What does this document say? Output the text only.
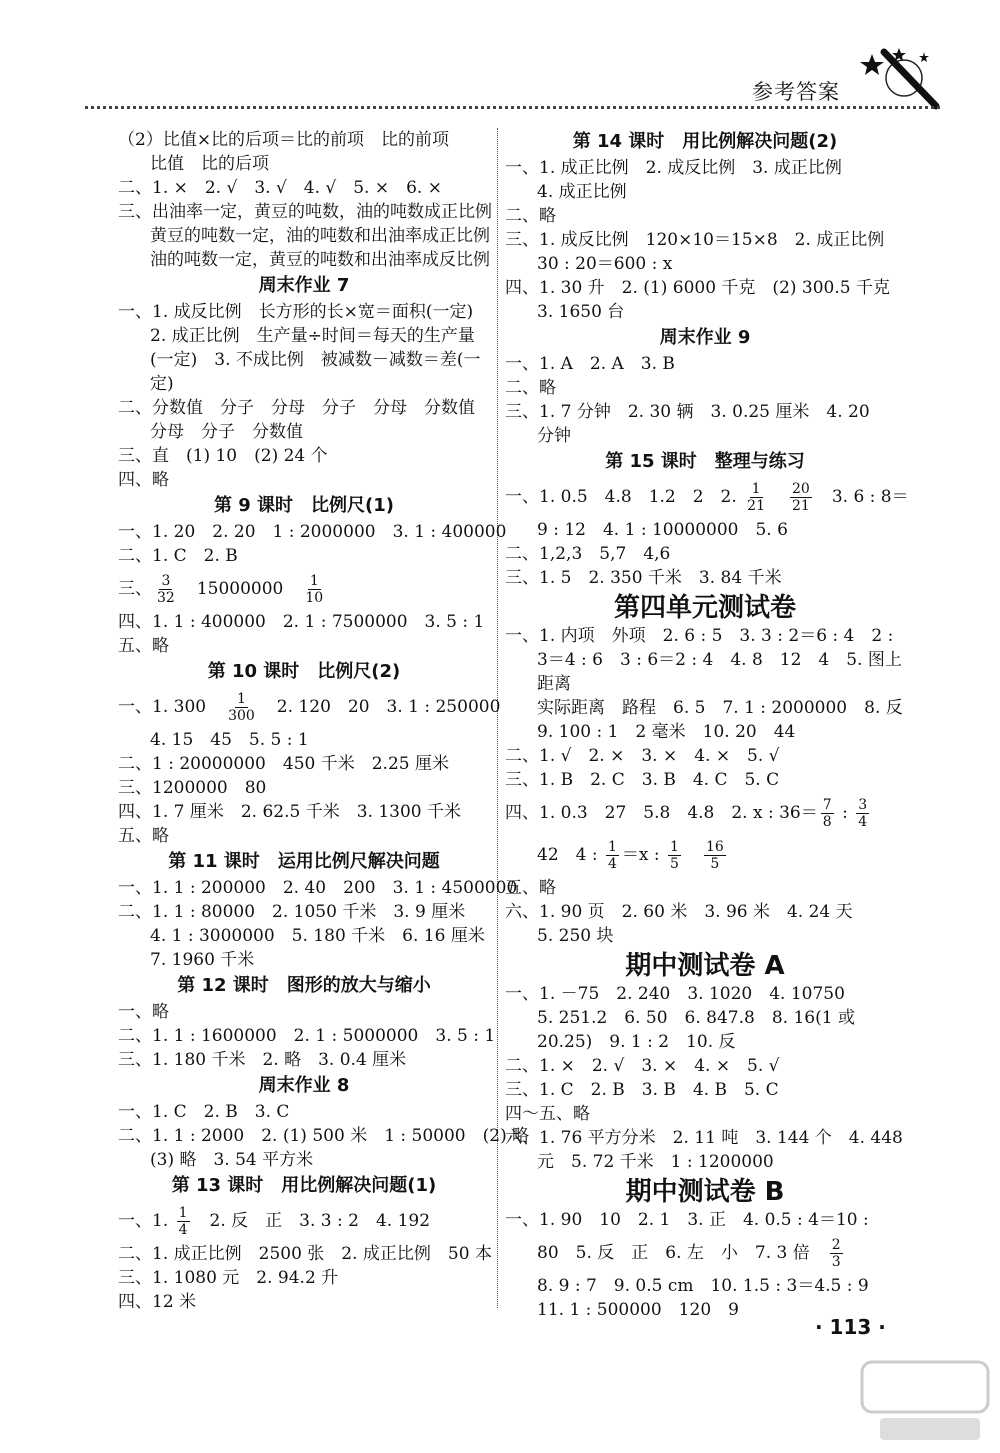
参考答案
（2）比值×比的后项＝比的前项　比的前项
比值　比的后项
二、1. ×　2. √　3. √　4. √　5. ×　6. ×
三、出油率一定，黄豆的吨数，油的吨数成正比例
黄豆的吨数一定，油的吨数和出油率成正比例
油的吨数一定，黄豆的吨数和出油率成反比例
周末作业 7
一、1. 成反比例　长方形的长×宽＝面积(一定)
2. 成正比例　生产量÷时间＝每天的生产量
(一定)　3. 不成比例　被减数－减数＝差(一
定)
二、分数值　分子　分母　分子　分母　分数值
分母　分子　分数值
三、直　(1) 10　(2) 24 个
四、略
第 9 课时　比例尺(1)
一、1. 20　2. 20　1 : 2000000　3. 1 : 400000
二、1. C　2. B
三、 $\frac{3}{32}$ 　15000000　 $\frac{1}{10}$
四、1. 1 : 400000　2. 1 : 7500000　3. 5 : 1
五、略
第 10 课时　比例尺(2)
一、1. 300　 $\frac{1}{300}$ 　2. 120　20　3. 1 : 250000
4. 15　45　5. 5 : 1
二、1 : 20000000　450 千米　2.25 厘米
三、1200000　80
四、1. 7 厘米　2. 62.5 千米　3. 1300 千米
五、略
第 11 课时　运用比例尺解决问题
一、1. 1 : 200000　2. 40　200　3. 1 : 4500000
二、1. 1 : 80000　2. 1050 千米　3. 9 厘米
4. 1 : 3000000　5. 180 千米　6. 16 厘米
7. 1960 千米
第 12 课时　图形的放大与缩小
一、略
二、1. 1 : 1600000　2. 1 : 5000000　3. 5 : 1
三、1. 180 千米　2. 略　3. 0.4 厘米
周末作业 8
一、1. C　2. B　3. C
二、1. 1 : 2000　2. (1) 500 米　1 : 50000　(2) 略
(3) 略　3. 54 平方米
第 13 课时　用比例解决问题(1)
一、1. $\frac{1}{4}$ 　2. 反　正　3. 3 : 2　4. 192
二、1. 成正比例　2500 张　2. 成正比例　50 本
三、1. 1080 元　2. 94.2 升
四、12 米
第 14 课时　用比例解决问题(2)
一、1. 成正比例　2. 成反比例　3. 成正比例
4. 成正比例
二、略
三、1. 成反比例　120×10＝15×8　2. 成正比例
30 : 20＝600 : x
四、1. 30 升　2. (1) 6000 千克　(2) 300.5 千克
3. 1650 台
周末作业 9
一、1. A　2. A　3. B
二、略
三、1. 7 分钟　2. 30 辆　3. 0.25 厘米　4. 20
分钟
第 15 课时　整理与练习
一、1. 0.5　4.8　1.2　2　2. $\frac{1}{21}$
　 $\frac{20}{21}$ 　3. 6 : 8＝
9 : 12　4. 1 : 10000000　5. 6
二、1,2,3　5,7　4,6
三、1. 5　2. 350 千米　3. 84 千米
第四单元测试卷
一、1. 内项　外项　2. 6 : 5　3. 3 : 2＝6 : 4　2 :
3＝4 : 6　3 : 6＝2 : 4　4. 8　12　4　5. 图上
距离
实际距离　路程　6. 5　7. 1 : 2000000　8. 反
9. 100 : 1　2 毫米　10. 20　44
二、1. √　2. ×　3. ×　4. ×　5. √
三、1. B　2. C　3. B　4. C　5. C
四、1. 0.3　27　5.8　4.8　2. x : $36= \frac{7}{8}$ : $\frac{3}{4}$
42　4 : $\frac{1}{4} =x$ : $\frac{1}{5}$
　 $\frac{16}{5}$
五、略
六、1. 90 页　2. 60 米　3. 96 米　4. 24 天
5. 250 块
期中测试卷 A
一、1. －75　2. 240　3. 1020　4. 10750
5. 251.2　6. 50　6. 847.8　8. 16(1 或
20.25)　9. 1 : 2　10. 反
二、1. ×　2. √　3. ×　4. ×　5. √
三、1. C　2. B　3. B　4. B　5. C
四～五、略
六、1. 76 平方分米　2. 11 吨　3. 144 个　4. 448
元　5. 72 千米　1 : 1200000
期中测试卷 B
一、1. 90　10　2. 1　3. 正　4. 0.5 : 4＝10 :
80　5. 反　正　6. 左　小　7. 3 倍　 $\frac{2}{3}$
8. 9 : 7　9. 0.5 cm　10. 1.5 : 3＝4.5 : 9
11. 1 : 500000　120　9
· 113 ·
